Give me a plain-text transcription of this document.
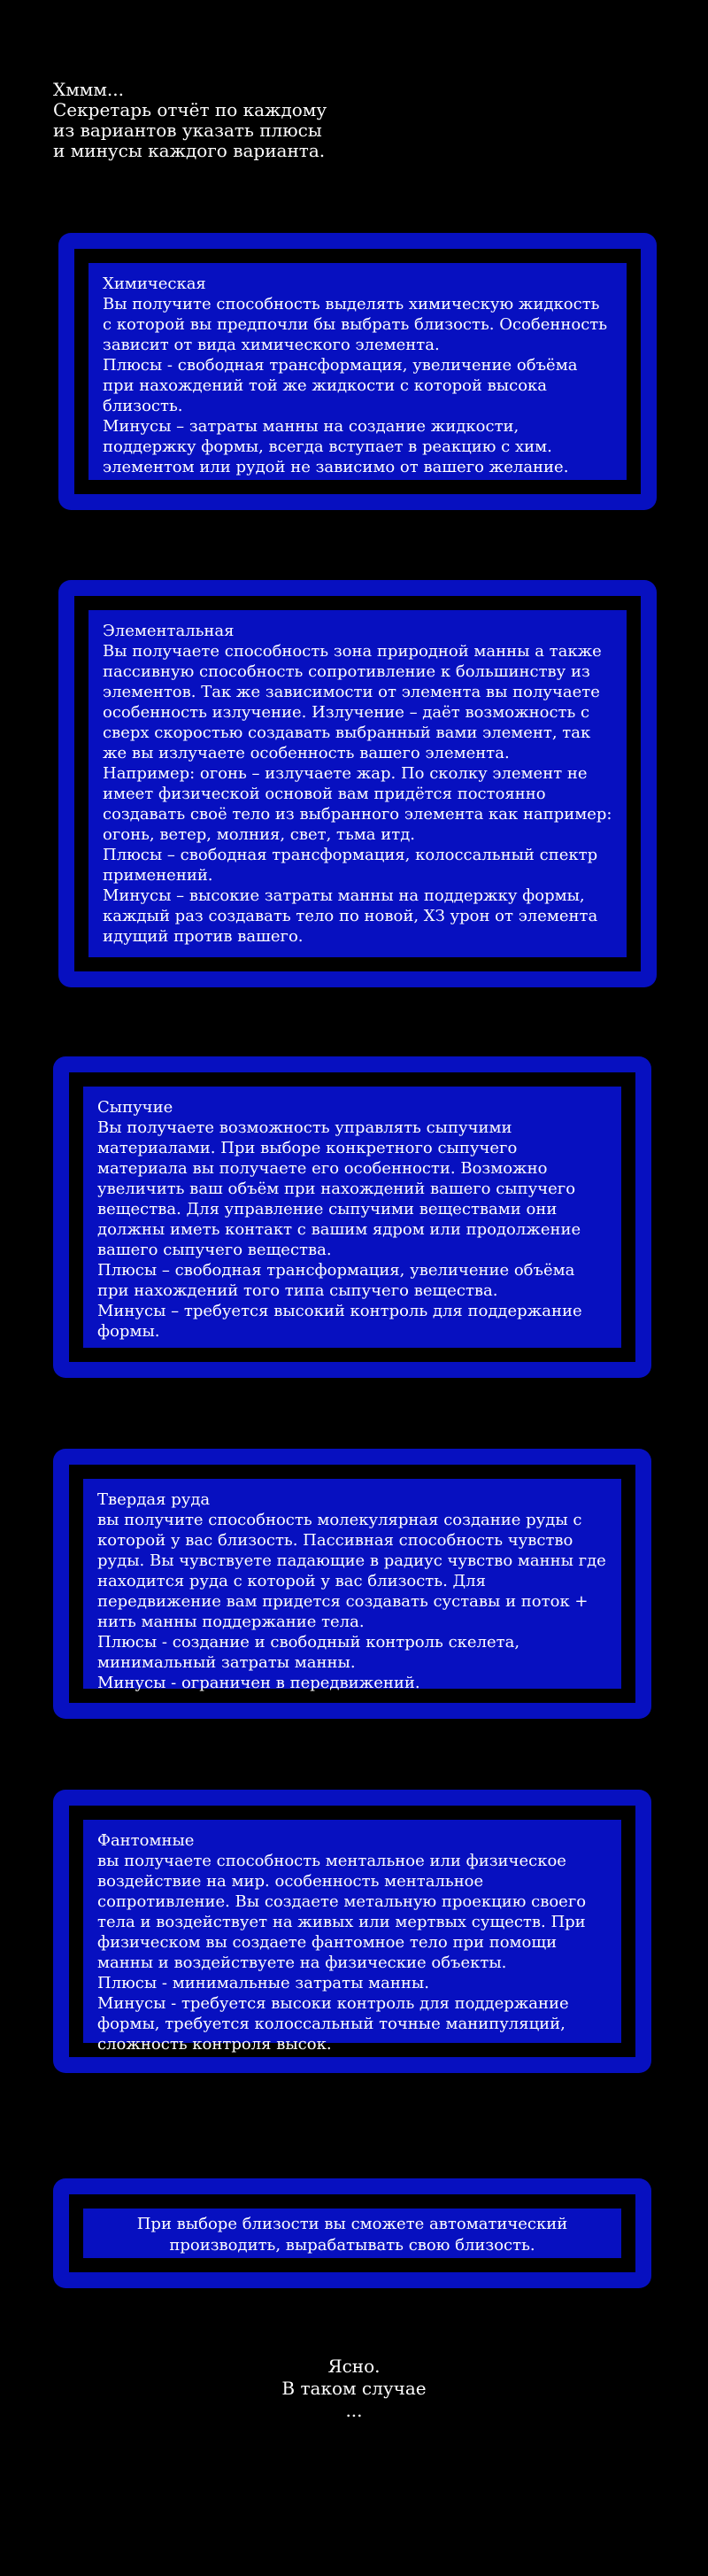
Хммм...

Секретарь отчёт по каждому

из вариантов указать плюсы

и минусы каждого варианта.

Химическая

Вы получите способность выделять химическую жидкость с которой вы предпочли бы выбрать близость. Особенность зависит от вида химического элемента.

Плюсы - свободная трансформация, увеличение объёма при нахождений той же жидкости с которой высока близость.

Минусы – затраты манны на создание жидкости, поддержку формы, всегда вступает в реакцию с хим. элементом или рудой не зависимо от вашего желание.

Элементальная

Вы получаете способность зона природной манны а также пассивную способность сопротивление к большинству из элементов. Так же зависимости от элемента вы получаете особенность излучение. Излучение – даёт возможность с сверх скоростью создавать выбранный вами элемент, так же вы излучаете особенность вашего элемента.

Например: огонь – излучаете жар. По сколку элемент не имеет физической основой вам придётся постоянно создавать своё тело из выбранного элемента как например: огонь, ветер, молния, свет, тьма итд.

Плюсы – свободная трансформация, колоссальный спектр применений.

Минусы – высокие затраты манны на поддержку формы, каждый раз создавать тело по новой, ХЗ урон от элемента идущий против вашего.

Сыпучие

Вы получаете возможность управлять сыпучими материалами. При выборе конкретного сыпучего материала вы получаете его особенности. Возможно увеличить ваш объём при нахождений вашего сыпучего вещества. Для управление сыпучими веществами они должны иметь контакт с вашим ядром или продолжение вашего сыпучего вещества.

Плюсы – свободная трансформация, увеличение объёма при нахождений того типа сыпучего вещества.

Минусы – требуется высокий контроль для поддержание формы.

Твердая руда

вы получите способность молекулярная создание руды с которой у вас близость. Пассивная способность чувство руды. Вы чувствуете падающие в радиус чувство манны где находится руда с которой у вас близость. Для передвижение вам придется создавать суставы и поток + нить манны поддержание тела.

Плюсы - создание и свободный контроль скелета, минимальный затраты манны.

Минусы - ограничен в передвижений.

Фантомные

вы получаете способность ментальное или физическое воздействие на мир. особенность ментальное сопротивление. Вы создаете метальную проекцию своего тела и воздействует на живых или мертвых существ. При физическом вы создаете фантомное тело при помощи манны и воздействуете на физические объекты.

Плюсы - минимальные затраты манны.

Минусы - требуется высоки контроль для поддержание формы, требуется колоссальный точные манипуляций, сложность контроля высок.

При выборе близости вы сможете автоматический производить, вырабатывать свою близость.

Ясно.

В таком случае

...
